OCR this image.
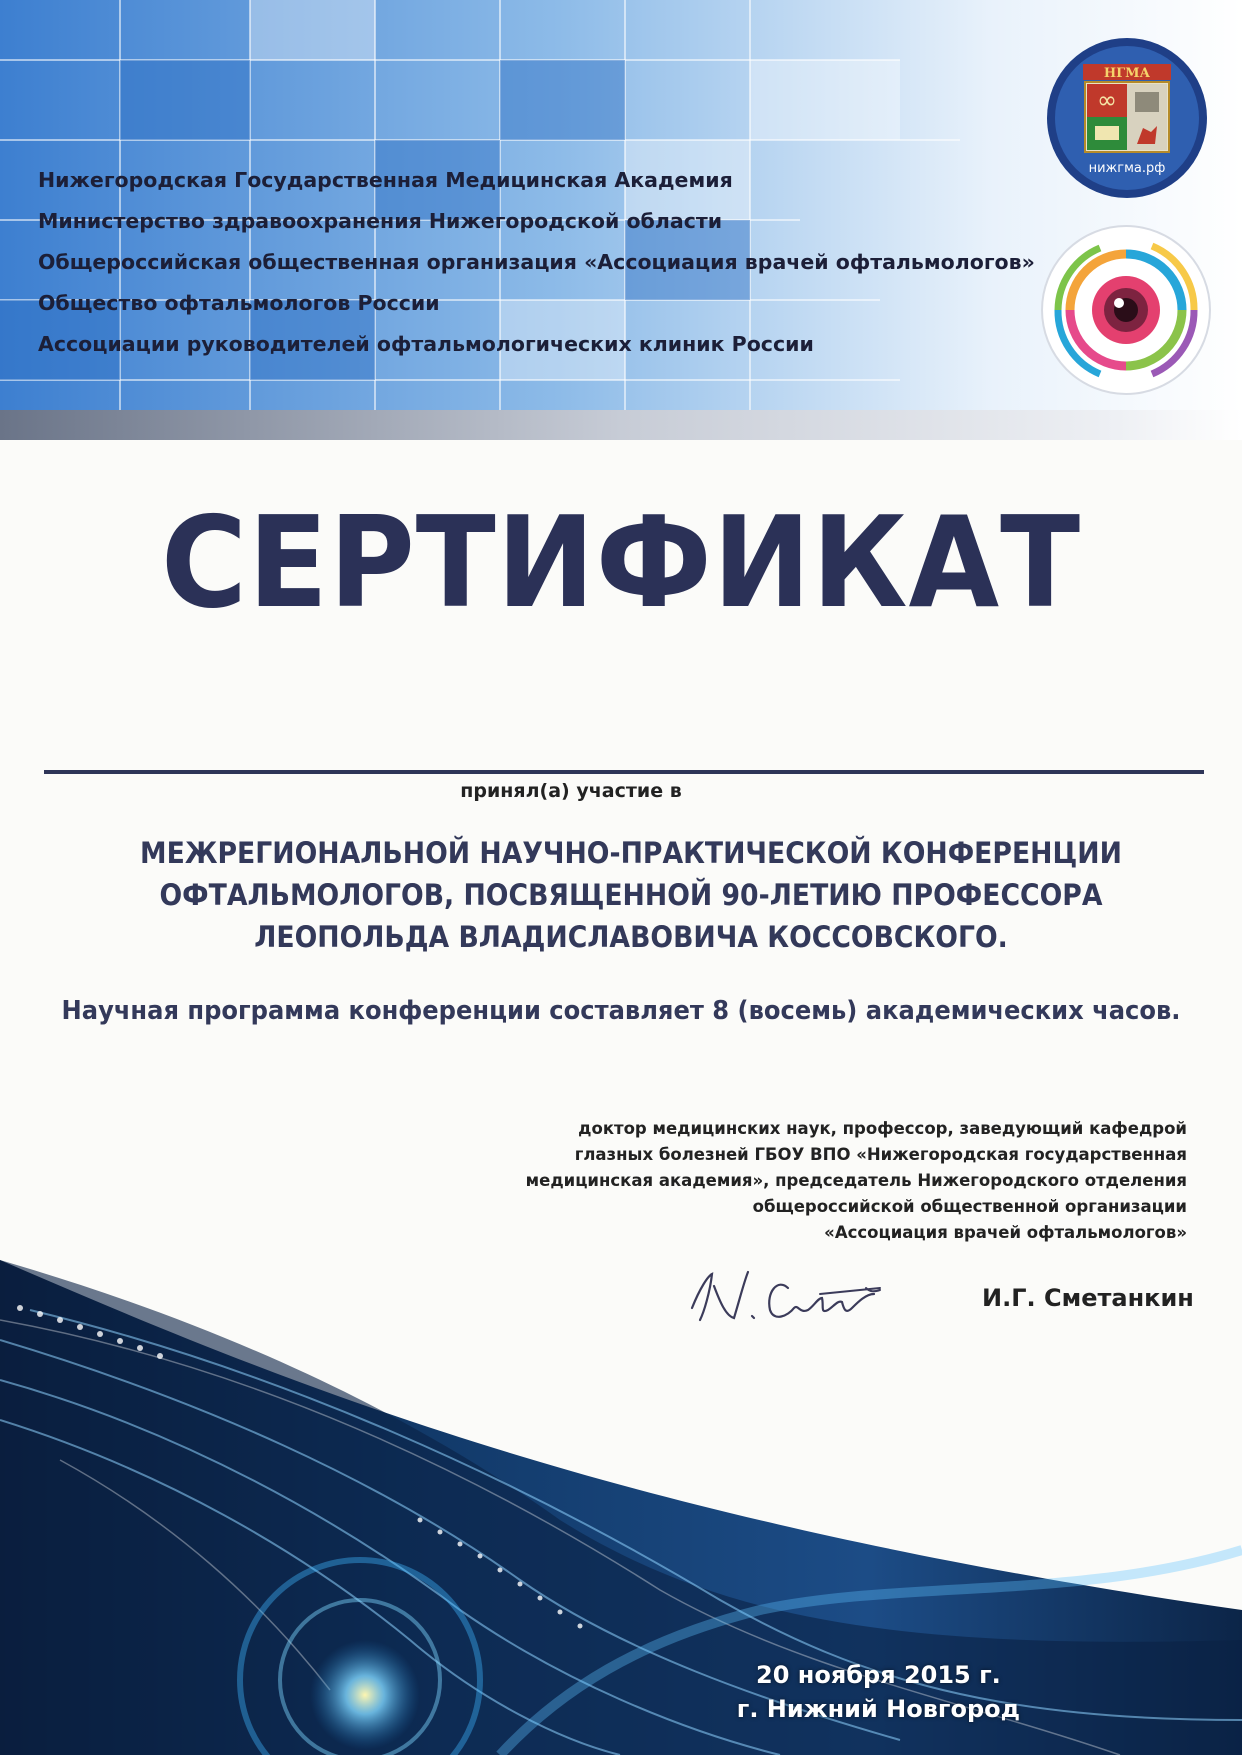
Нижегородская Государственная Медицинская Академия
Министерство здравоохранения Нижегородской области
Общероссийская общественная организация «Ассоциация врачей офтальмологов»
Общество офтальмологов России
Ассоциации руководителей офтальмологических клиник России
НГМА
∞
нижгма.рф
СЕРТИФИКАТ
принял(а) участие в
МЕЖРЕГИОНАЛЬНОЙ НАУЧНО-ПРАКТИЧЕСКОЙ КОНФЕРЕНЦИИ
ОФТАЛЬМОЛОГОВ, ПОСВЯЩЕННОЙ 90-ЛЕТИЮ ПРОФЕССОРА
ЛЕОПОЛЬДА ВЛАДИСЛАВОВИЧА КОССОВСКОГО.
Научная программа конференции составляет 8 (восемь) академических часов.
доктор медицинских наук, профессор, заведующий кафедрой
глазных болезней ГБОУ ВПО «Нижегородская государственная
медицинская академия», председатель Нижегородского отделения
общероссийской общественной организации
«Ассоциация врачей офтальмологов»
И.Г. Сметанкин
20 ноября 2015 г.
г. Нижний Новгород
